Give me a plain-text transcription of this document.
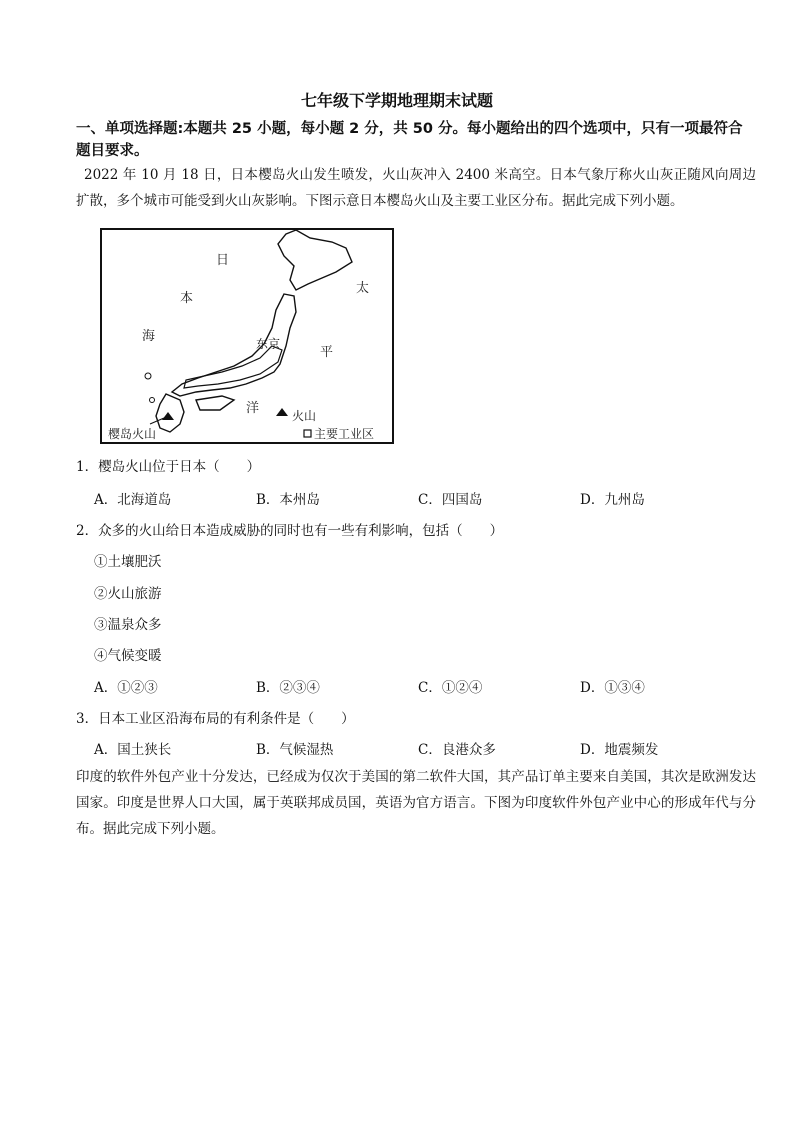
七年级下学期地理期末试题
一、单项选择题:本题共 25 小题，每小题 2 分，共 50 分。每小题给出的四个选项中，只有一项最符合题目要求。
2022 年 10 月 18 日，日本樱岛火山发生喷发，火山灰冲入 2400 米高空。日本气象厅称火山灰正随风向周边扩散，多个城市可能受到火山灰影响。下图示意日本樱岛火山及主要工业区分布。据此完成下列小题。
日
本
海
太
平
洋
东京
樱岛火山
火山
主要工业区
1．樱岛火山位于日本（　　）
A．北海道岛	B．本州岛	C．四国岛	D．九州岛
2．众多的火山给日本造成威胁的同时也有一些有利影响，包括（　　）
①土壤肥沃
②火山旅游
③温泉众多
④气候变暖
A．①②③	B．②③④	C．①②④	D．①③④
3．日本工业区沿海布局的有利条件是（　　）
A．国土狭长	B．气候湿热	C．良港众多	D．地震频发
印度的软件外包产业十分发达，已经成为仅次于美国的第二软件大国，其产品订单主要来自美国，其次是欧洲发达国家。印度是世界人口大国，属于英联邦成员国，英语为官方语言。下图为印度软件外包产业中心的形成年代与分布。据此完成下列小题。
